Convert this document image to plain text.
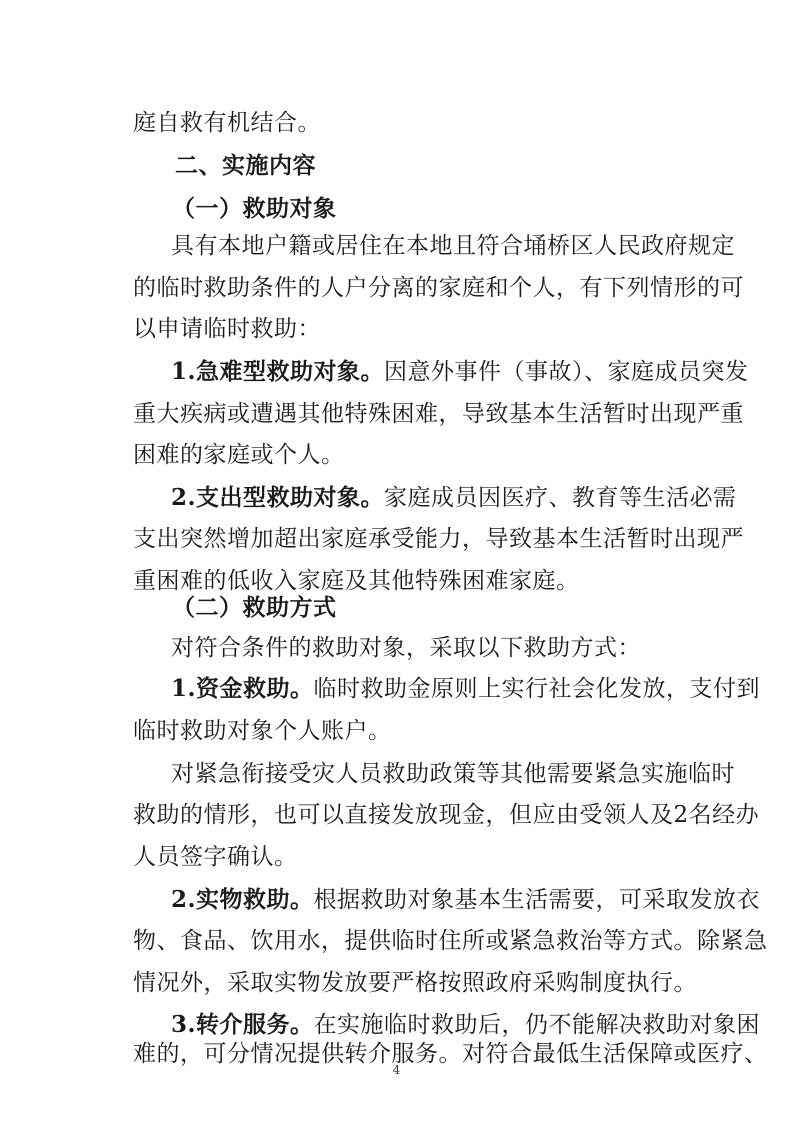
庭自救有机结合。
二、实施内容
（一）救助对象
具有本地户籍或居住在本地且符合埇桥区人民政府规定
的临时救助条件的人户分离的家庭和个人，有下列情形的可
以申请临时救助：
1.急难型救助对象。因意外事件（事故）、家庭成员突发
重大疾病或遭遇其他特殊困难，导致基本生活暂时出现严重
困难的家庭或个人。
2.支出型救助对象。家庭成员因医疗、教育等生活必需
支出突然增加超出家庭承受能力，导致基本生活暂时出现严
重困难的低收入家庭及其他特殊困难家庭。
（二）救助方式
对符合条件的救助对象，采取以下救助方式：
1.资金救助。临时救助金原则上实行社会化发放，支付到
临时救助对象个人账户。
对紧急衔接受灾人员救助政策等其他需要紧急实施临时
救助的情形，也可以直接发放现金，但应由受领人及2名经办
人员签字确认。
2.实物救助。根据救助对象基本生活需要，可采取发放衣
物、食品、饮用水，提供临时住所或紧急救治等方式。除紧急
情况外，采取实物发放要严格按照政府采购制度执行。
3.转介服务。在实施临时救助后，仍不能解决救助对象困
难的，可分情况提供转介服务。对符合最低生活保障或医疗、
4
